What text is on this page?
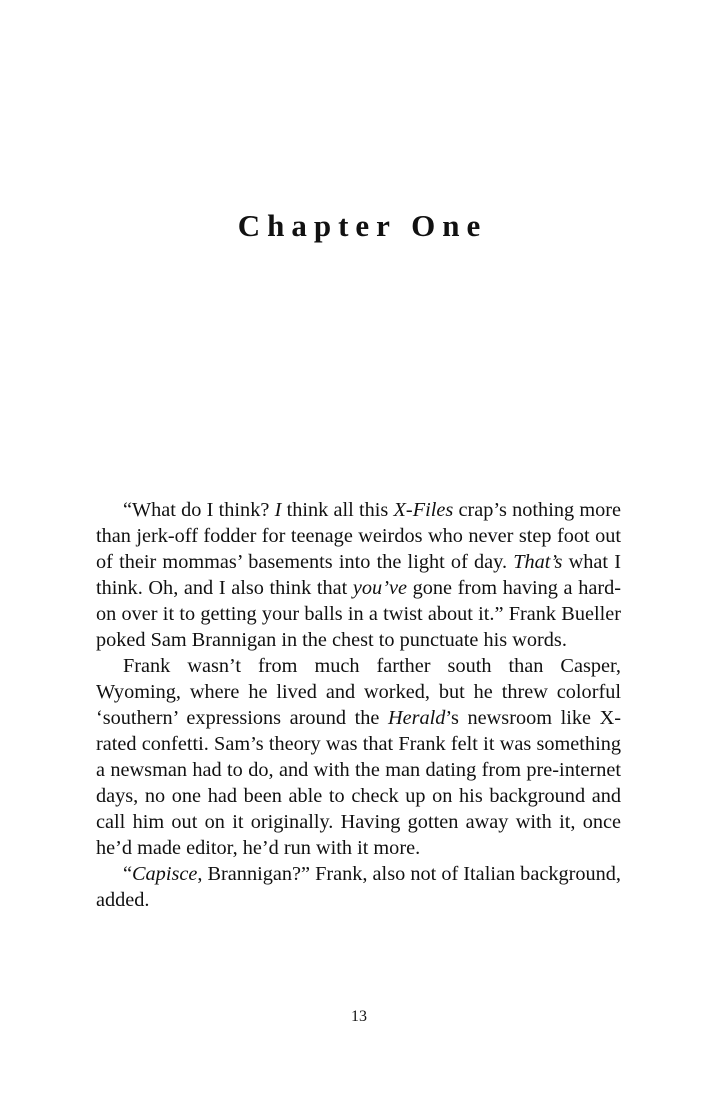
Chapter One

“What do I think? I think all this X-Files crap’s nothing more than jerk-off fodder for teenage weirdos who never step foot out of their mommas’ basements into the light of day. That’s what I think. Oh, and I also think that you’ve gone from having a hard-on over it to getting your balls in a twist about it.” Frank Bueller poked Sam Brannigan in the chest to punctuate his words.

Frank wasn’t from much farther south than Casper, Wyoming, where he lived and worked, but he threw colorful ‘southern’ expressions around the Herald’s newsroom like X-rated confetti. Sam’s theory was that Frank felt it was something a newsman had to do, and with the man dating from pre-internet days, no one had been able to check up on his background and call him out on it originally. Having gotten away with it, once he’d made editor, he’d run with it more.

“Capisce, Brannigan?” Frank, also not of Italian background, added.

13
